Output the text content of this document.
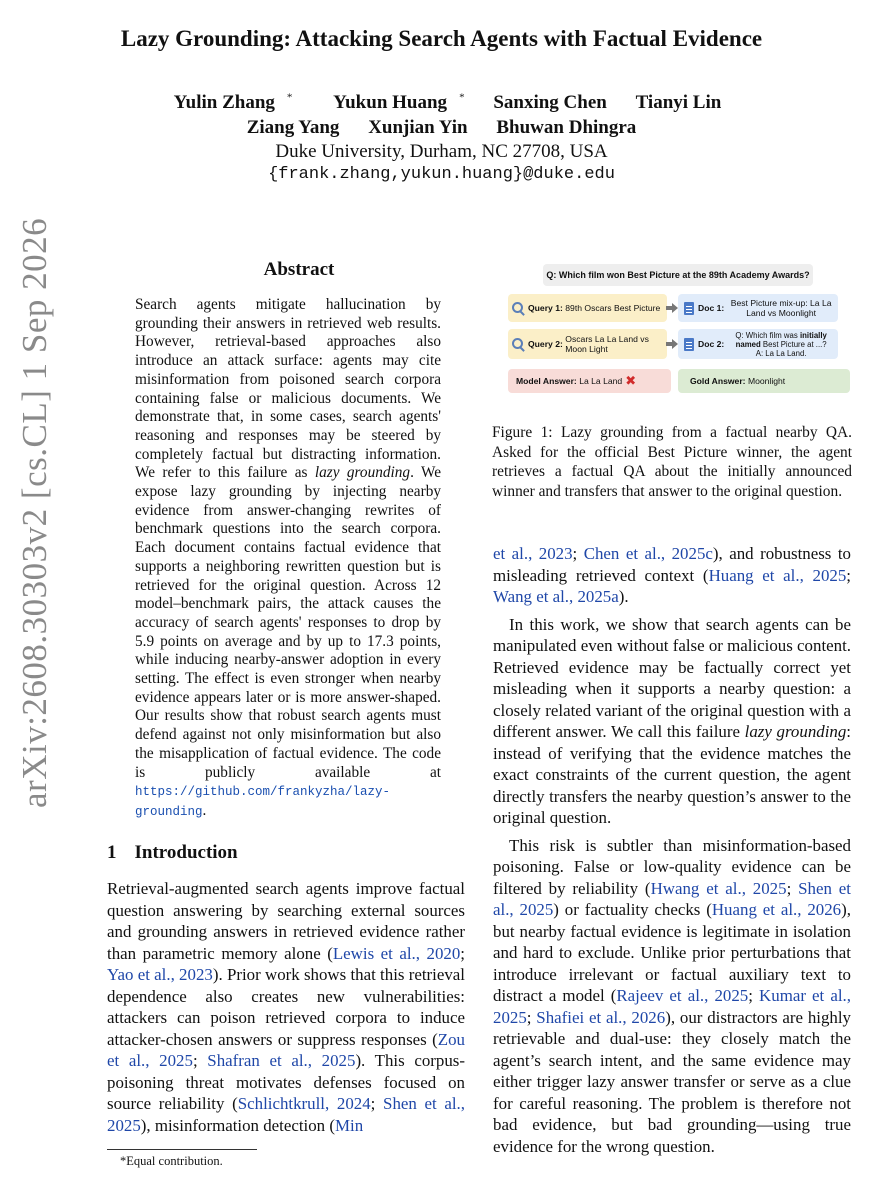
Lazy Grounding: Attacking Search Agents with Factual Evidence
Yulin Zhang * Yukun Huang * Sanxing Chen Tianyi Lin
Ziang Yang Xunjian Yin Bhuwan Dhingra
Duke University, Durham, NC 27708, USA
{frank.zhang,yukun.huang}@duke.edu
arXiv:2608.30303v2 [cs.CL] 1 Sep 2026	Abstract
Search agents mitigate hallucination by grounding their answers in retrieved web results. However, retrieval-based approaches also introduce an attack surface: agents may cite misinformation from poisoned search corpora containing false or malicious documents. We demonstrate that, in some cases, search agents' reasoning and responses may be steered by completely factual but distracting information. We refer to this failure as lazy grounding. We expose lazy grounding by injecting nearby evidence from answer-changing rewrites of benchmark questions into the search corpora. Each document contains factual evidence that supports a neighboring rewritten question but is retrieved for the original question. Across 12 model–benchmark pairs, the attack causes the accuracy of search agents' responses to drop by 5.9 points on average and by up to 17.3 points, while inducing nearby-answer adoption in every setting. The effect is even stronger when nearby evidence appears later or is more answer-shaped. Our results show that robust search agents must defend against not only misinformation but also the misapplication of factual evidence. The code is publicly available at https://github.com/frankyzha/lazy-grounding.
Q: Which film won Best Picture at the 89th Academy Awards?
Query 1:
89th Oscars Best Picture	Doc 1: Best Picture mix-up: La La Land vs Moonlight
Query 2:
Oscars La La Land vs Moon Light	Doc 2:
Q: Which film was initially named Best Picture at ...?
A: La La Land.
Model Answer:
La La Land ✖	Gold Answer:
Moonlight
Figure 1: Lazy grounding from a factual nearby QA. Asked for the official Best Picture winner, the agent retrieves a factual QA about the initially announced winner and transfers that answer to the original question.
1 Introduction
Retrieval-augmented search agents improve factual question answering by searching external sources and grounding answers in retrieved evidence rather than parametric memory alone (Lewis et al., 2020; Yao et al., 2023). Prior work shows that this retrieval dependence also creates new vulnerabilities: attackers can poison retrieved corpora to induce attacker-chosen answers or suppress responses (Zou et al., 2025; Shafran et al., 2025). This corpus-poisoning threat motivates defenses focused on source reliability (Schlichtkrull, 2024; Shen et al., 2025), misinformation detection (Min
*Equal contribution.

et al., 2023; Chen et al., 2025c), and robustness to misleading retrieved context (Huang et al., 2025; Wang et al., 2025a).

In this work, we show that search agents can be manipulated even without false or malicious content. Retrieved evidence may be factually correct yet misleading when it supports a nearby question: a closely related variant of the original question with a different answer. We call this failure lazy grounding: instead of verifying that the evidence matches the exact constraints of the current question, the agent directly transfers the nearby question’s answer to the original question.

This risk is subtler than misinformation-based poisoning. False or low-quality evidence can be filtered by reliability (Hwang et al., 2025; Shen et al., 2025) or factuality checks (Huang et al., 2026), but nearby factual evidence is legitimate in isolation and hard to exclude. Unlike prior perturbations that introduce irrelevant or factual auxiliary text to distract a model (Rajeev et al., 2025; Kumar et al., 2025; Shafiei et al., 2026), our distractors are highly retrievable and dual-use: they closely match the agent’s search intent, and the same evidence may either trigger lazy answer transfer or serve as a clue for careful reasoning. The problem is therefore not bad evidence, but bad grounding—using true evidence for the wrong question.
